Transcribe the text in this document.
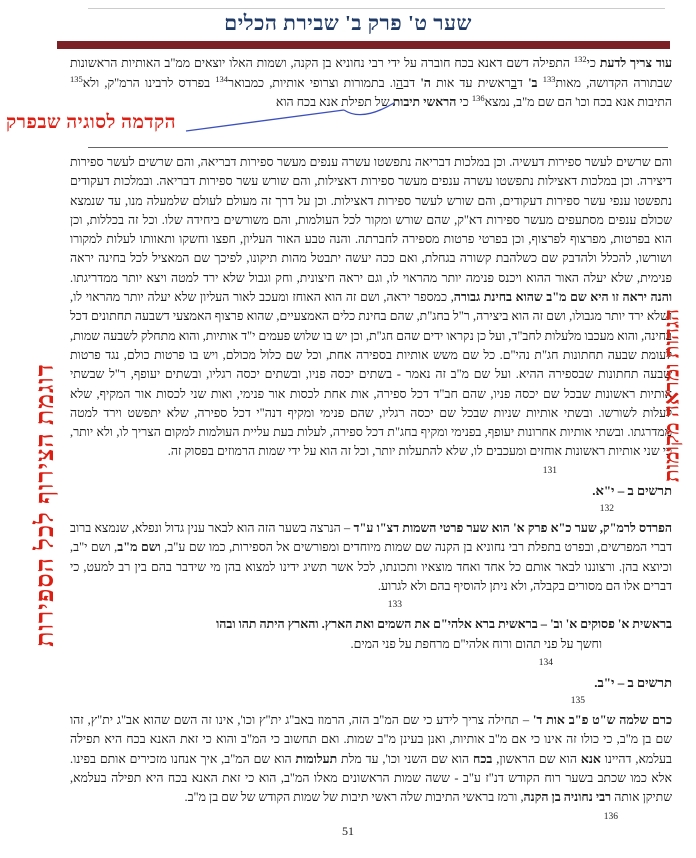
שער ט' פרק ב' שבירת הכלים
עוד צריך לדעת כי$^{132}$ התפילה דשם דאנא בכח חוברה על ידי רבי נחוניא בן הקנה, ושמות האלו יוצאים ממ"ב האותיות הראשונות שבתורה הקדושה, מאות$^{133}$ ב' דבראשית עד אות ה' דבהו. בתמורות וצרופי אותיות, כמבואר$^{134}$ בפרדס לרבינו הרמ"ק, ולא$^{135}$ התיבות אנא בכח וכו' הם שם מ"ב, נמצא$^{136}$ כי הראשי תיבות של תפילת אנא בכח הוא
הקדמה לסוגיה שבפרק
והם שרשים לעשר ספירות דעשיה. וכן במלכות דבריאה נתפשטו עשרה ענפים מעשר ספירות דבריאה, והם שרשים לעשר ספירות דיצירה. וכן במלכות דאצילות נתפשטו עשרה ענפים מעשר ספירות דאצילות, והם שורש עשר ספירות דבריאה. ובמלכות דעקודים נתפשטו ענפי עשר ספירות דעקודים, והם שורש לעשר ספירות דאצילות. וכן על דרך זה מעולם לעולם שלמעלה מנו, עד שנמצא שכולם ענפים מסתעפים מעשר ספירות דא"ק, שהם שורש ומקור לכל העולמות, והם משורשים ביחידה שלו. וכל זה בכללות, וכן הוא בפרטות, מפרצוף לפרצוף, וכן בפרטי פרטות מספירה לחברתה. והנה טבע האור העליון, חפצו וחשקו ותאוותו לעלות למקורו ושורשו, להכלל ולהדבק שם כשלהבת קשורה בגחלת, ואם ככה יעשה יתבטל מהות תיקונו, לפיכך שם המאציל לכל בחינה יראה פנימית, שלא יעלה האור ההוא ויכנס פנימה יותר מהראוי לו, וגם יראה חיצונית, וחק וגבול שלא ירד למטה ויצא יותר ממדריגתו. והנה יראה זו היא שם מ"ב שהוא בחינת גבורה, כמספר יראה, ושם זה הוא האוחז ומעכב לאור העליון שלא יעלה יותר מהראוי לו, ושלא ירד יותר מגבולו, ושם זה הוא ביצירה, ר"ל בחג"ת, שהם בחינת כלים האמצעיים, שהוא פרצוף האמצעי דשבעה תחתונים דכל בחינה, והוא מעכבו מלעלות לחב"ד, ועל כן נקראו ידים שהם חג"ת, וכן יש בו שלוש פעמים י"ד אותיות, והוא מתחלק לשבעה שמות, לעומת שבעה תחתונות חג"ת נהי"ם. כל שם משש אותיות בספירה אחת, וכל שם כלול מכולם, ויש בו פרטות כולם, נגד פרטות שבעה תחתונות שבספירה ההיא. ועל שם מ"ב זה נאמר - בשתים יכסה פניו, ובשתים יכסה רגליו, ובשתים יעופף, ר"ל שבשתי אותיות ראשונות שבכל שם יכסה פניו, שהם חב"ד דכל ספירה, אות אחת לכסות אור פנימי, ואות שני לכסות אור המקיף, שלא לעלות לשורשו. ובשתי אותיות שניות שבכל שם יכסה רגליו, שהם פנימי ומקיף דנה"י דכל ספירה, שלא יתפשט וירד למטה ממדרגתו. ובשתי אותיות אחרונות יעופף, בפנימי ומקיף בחג"ת דכל ספירה, לעלות בעת עליית העולמות למקום הצריך לו, ולא יותר, כי שני אותיות ראשונות אוחזים ומעכבים לו, שלא להתעלות יותר, וכל זה הוא על ידי שמות הרמוזים בפסוק זה.
131
תרשים ב – י"א.
132
הפרדס לרמ"ק, שער כ"א פרק א' הוא שער פרטי השמות דצ"ו ע"ד – הנרצה בשער הזה הוא לבאר ענין גדול ונפלא, שנמצא ברוב דברי המפרשים, ובפרט בתפלת רבי נחוניא בן הקנה שם שמות מיוחדים ומפורשים אל הספירות, כמו שם ע"ב, ושם מ"ב, ושם י"ב, וכיוצא בהן. ורצוננו לבאר אותם כל אחד ואחד מוצאיו ותכונתו, לכל אשר תשיג ידינו למצוא בהן מי שידבר בהם בין רב למעט, כי דברים אלו הם מסורים בקבלה, ולא ניתן להוסיף בהם ולא לגרוע.
133
בראשית א' פסוקים א' וב' – בראשית ברא אלהי"ם את השמים ואת הארץ. והארץ היתה תהו ובהו
וחשך על פני תהום ורוח אלהי"ם מרחפת על פני המים.
134
תרשים ב – י"ב.
135
כרם שלמה ש"ט פ"ב אות ד' – תחילה צריך לידע כי שם המ"ב הזה, הרמוז באב"ג ית"ץ וכו', אינו זה השם שהוא אב"ג ית"ץ, זהו שם בן מ"ב, כי כולו זה אינו כי אם מ"ב אותיות, ואנן בעינן מ"ב שמות. ואם תחשוב כי המ"ב והוא כי זאת האנא בכח היא תפילה בעלמא, דהיינו אנא הוא שם הראשון, בכח הוא שם השני וכו', עד מלת תעלומות הוא שם המ"ב, איך אנחנו מזכירים אותם בפינו. אלא כמו שכתב בשער רוח הקודש דנ"ז ע"ב - ששה שמות הראשונים מאלו המ"ב, הוא כי זאת האנא בכח היא תפילה בעלמא, שתיקן אותה רבי נחוניה בן הקנה, ורמז בראשי התיבות שלה ראשי תיבות של שמות הקודש של שם בן מ"ב.
136
הגהות ומראה מקומות
דוגמת הצירוף לכל הספירות
51
